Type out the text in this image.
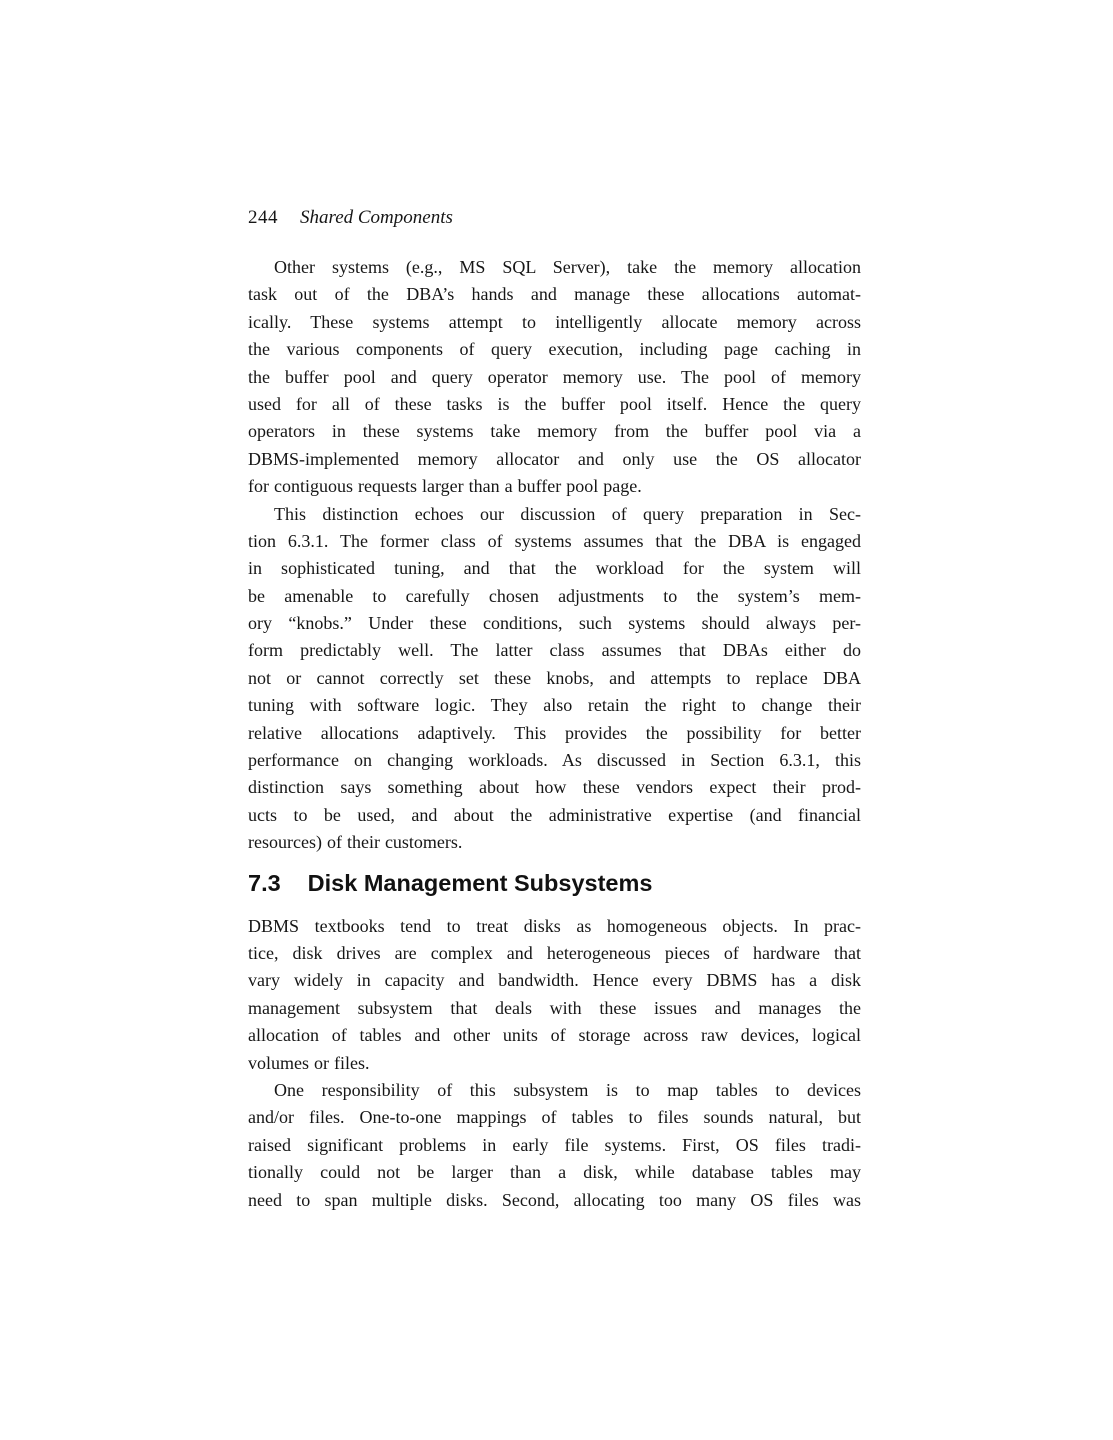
244 Shared Components
Other systems (e.g., MS SQL Server), take the memory allocation
task out of the DBA’s hands and manage these allocations automat-
ically. These systems attempt to intelligently allocate memory across
the various components of query execution, including page caching in
the buffer pool and query operator memory use. The pool of memory
used for all of these tasks is the buffer pool itself. Hence the query
operators in these systems take memory from the buffer pool via a
DBMS-implemented memory allocator and only use the OS allocator
for contiguous requests larger than a buffer pool page.
This distinction echoes our discussion of query preparation in Sec-
tion 6.3.1. The former class of systems assumes that the DBA is engaged
in sophisticated tuning, and that the workload for the system will
be amenable to carefully chosen adjustments to the system’s mem-
ory “knobs.” Under these conditions, such systems should always per-
form predictably well. The latter class assumes that DBAs either do
not or cannot correctly set these knobs, and attempts to replace DBA
tuning with software logic. They also retain the right to change their
relative allocations adaptively. This provides the possibility for better
performance on changing workloads. As discussed in Section 6.3.1, this
distinction says something about how these vendors expect their prod-
ucts to be used, and about the administrative expertise (and financial
resources) of their customers.
7.3 Disk Management Subsystems
DBMS textbooks tend to treat disks as homogeneous objects. In prac-
tice, disk drives are complex and heterogeneous pieces of hardware that
vary widely in capacity and bandwidth. Hence every DBMS has a disk
management subsystem that deals with these issues and manages the
allocation of tables and other units of storage across raw devices, logical
volumes or files.
One responsibility of this subsystem is to map tables to devices
and/or files. One-to-one mappings of tables to files sounds natural, but
raised significant problems in early file systems. First, OS files tradi-
tionally could not be larger than a disk, while database tables may
need to span multiple disks. Second, allocating too many OS files was
